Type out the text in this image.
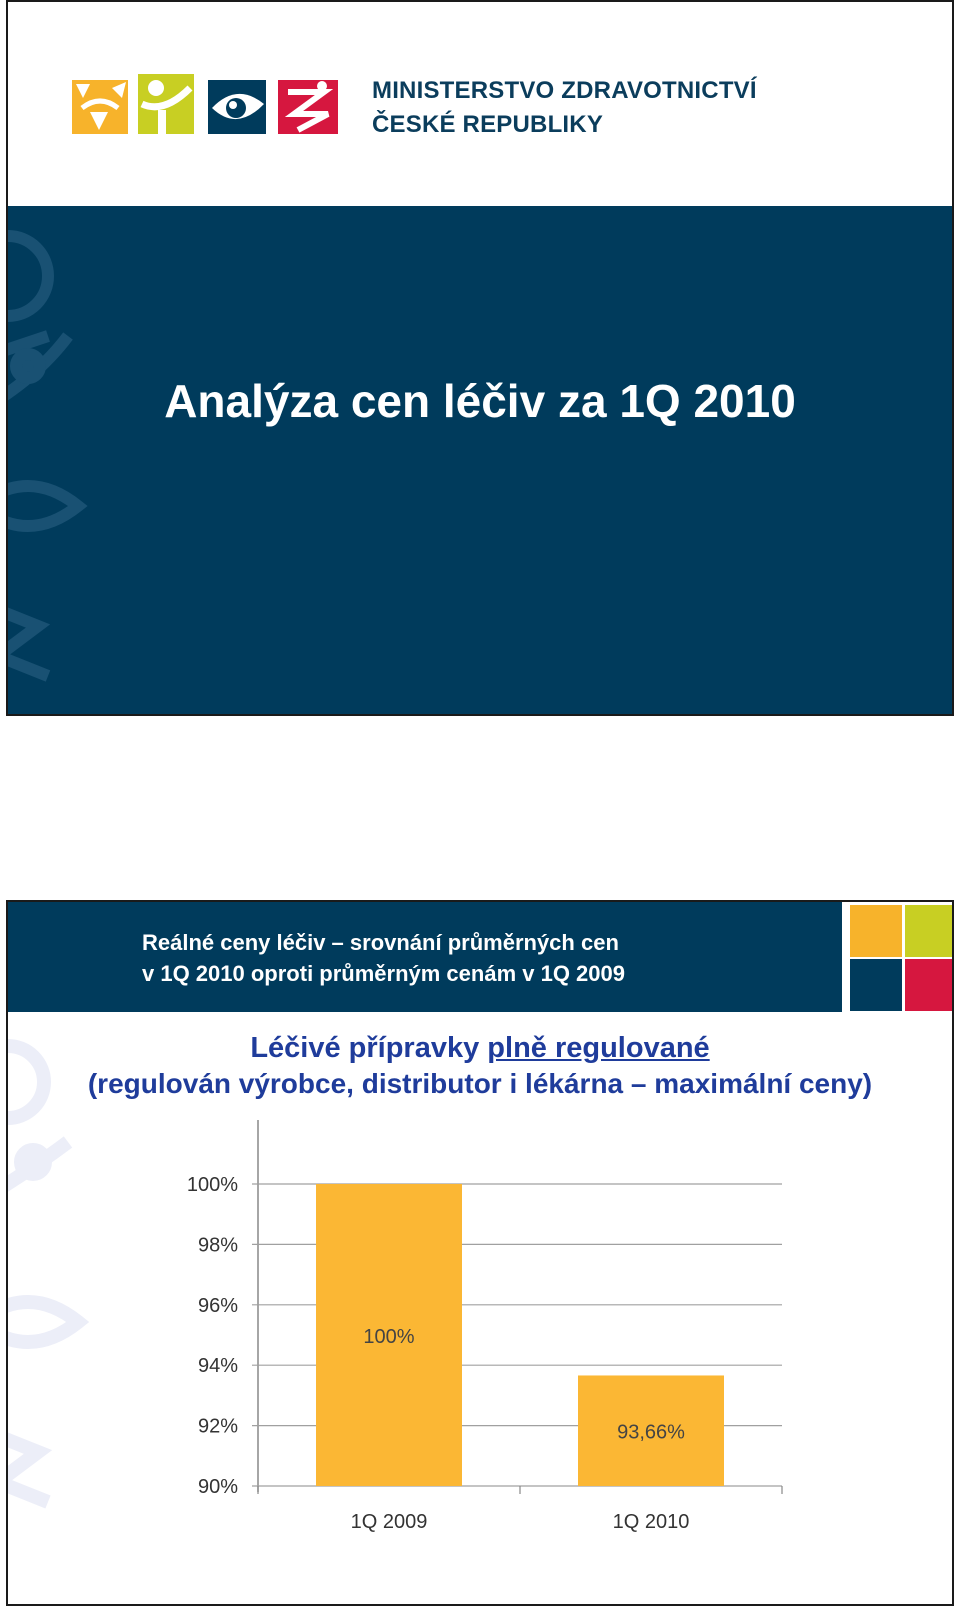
MINISTERSTVO ZDRAVOTNICTVÍ
ČESKÉ REPUBLIKY
Analýza cen léčiv za 1Q 2010
Reálné ceny léčiv – srovnání průměrných cen
v 1Q 2010 oproti průměrným cenám v 1Q 2009
Léčivé přípravky plně regulované
(regulován výrobce, distributor i lékárna – maximální ceny)
90%
92%
94%
96%
98%
100%
100%
1Q 2009
93,66%
1Q 2010
